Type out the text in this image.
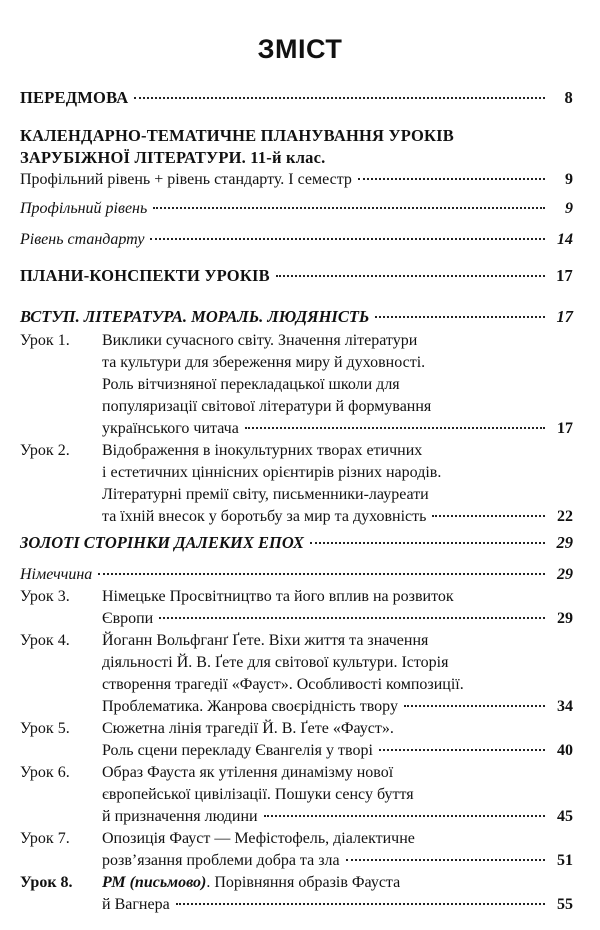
ЗМІСТ
ПЕРЕДМОВА	8
КАЛЕНДАРНО-ТЕМАТИЧНЕ ПЛАНУВАННЯ УРОКІВ
ЗАРУБІЖНОЇ ЛІТЕРАТУРИ. 11-й клас.
Профільний рівень + рівень стандарту. І семестр	9
Профільний рівень	9
Рівень стандарту	14
ПЛАНИ-КОНСПЕКТИ УРОКІВ	17
ВСТУП. ЛІТЕРАТУРА. МОРАЛЬ. ЛЮДЯНІСТЬ	17
Урок 1. Виклики сучасного світу. Значення літератури
та культури для збереження миру й духовності.
Роль вітчизняної перекладацької школи для
популяризації світової літератури й формування
українського читача	17
Урок 2. Відображення в інокультурних творах етичних
і естетичних ціннісних орієнтирів різних народів.
Літературні премії світу, письменники-лауреати
та їхній внесок у боротьбу за мир та духовність	22
ЗОЛОТІ СТОРІНКИ ДАЛЕКИХ ЕПОХ	29
Німеччина	29
Урок 3. Німецьке Просвітництво та його вплив на розвиток
Європи	29
Урок 4. Йоганн Вольфганґ Ґете. Віхи життя та значення
діяльності Й. В. Ґете для світової культури. Історія
створення трагедії «Фауст». Особливості композиції.
Проблематика. Жанрова своєрідність твору	34
Урок 5. Сюжетна лінія трагедії Й. В. Ґете «Фауст».
Роль сцени перекладу Євангелія у творі	40
Урок 6. Образ Фауста як утілення динамізму нової
європейської цивілізації. Пошуки сенсу буття
й призначення людини	45
Урок 7. Опозиція Фауст — Мефістофель, діалектичне
розв’язання проблеми добра та зла	51
Урок 8. РМ (письмово). Порівняння образів Фауста
й Вагнера	55
